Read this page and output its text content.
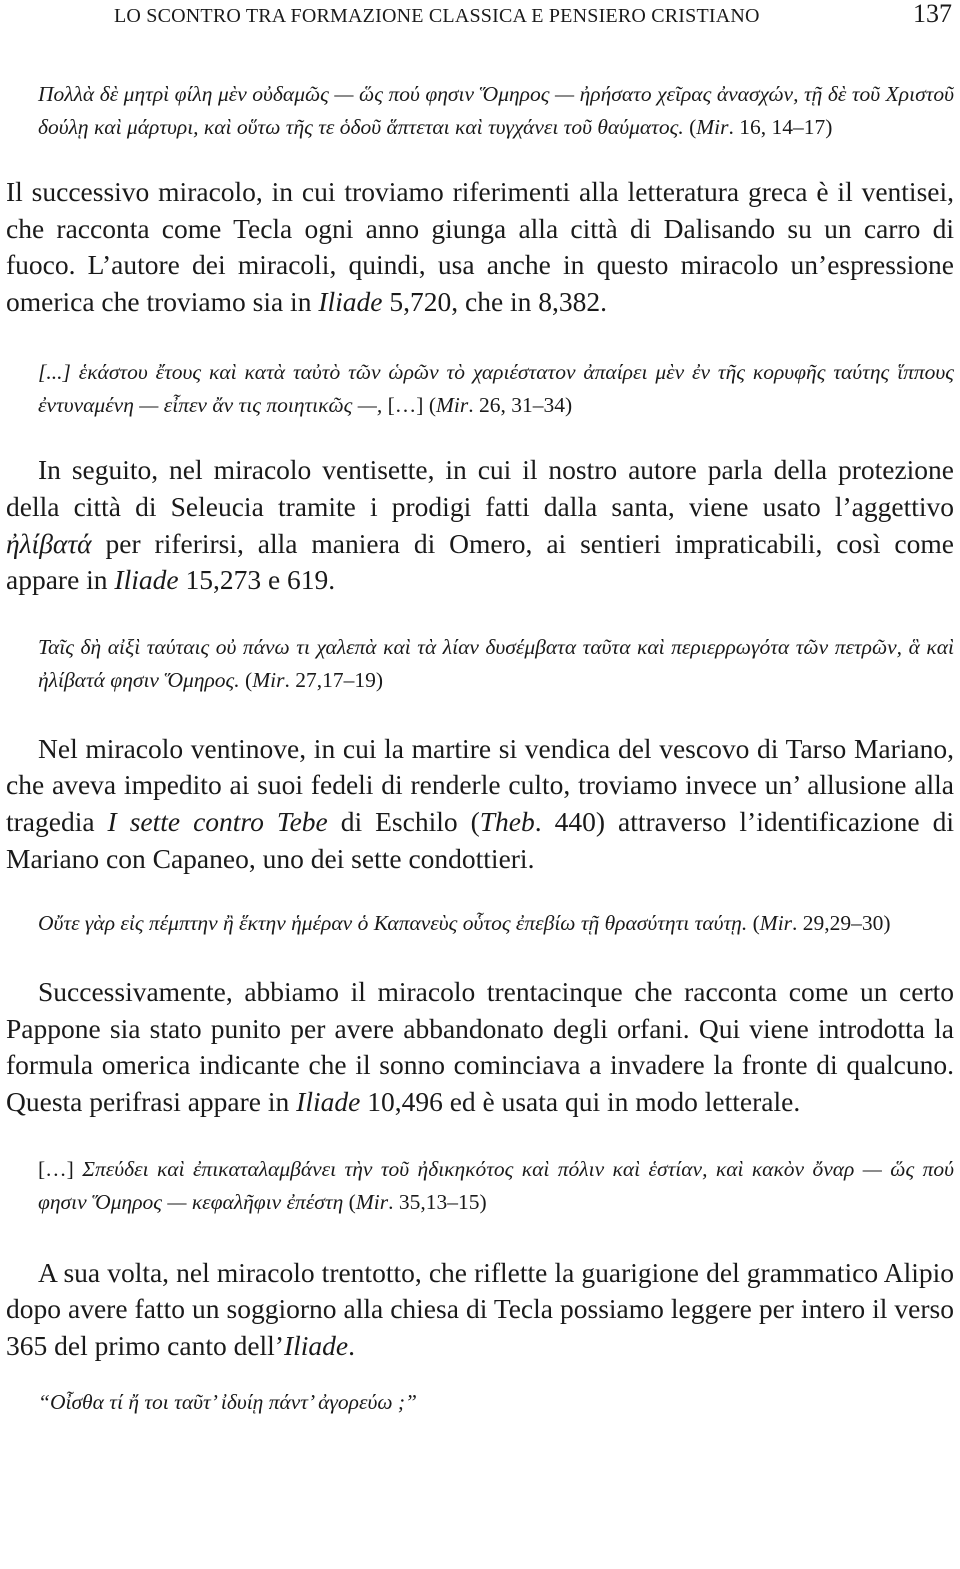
LO SCONTRO TRA FORMAZIONE CLASSICA E PENSIERO CRISTIANO	137

Πολλὰ δὲ μητρὶ φίλη μὲν οὐδαμῶς — ὥς πού φησιν Ὅμηρος — ἠρήσατο χεῖρας ἀνασχών, τῇ δὲ τοῦ Χριστοῦ δούλῃ καὶ μάρτυρι, καὶ οὕτω τῆς τε ὁδοῦ ἅπτεται καὶ τυγχάνει τοῦ θαύματος. (Mir. 16, 14–17)

Il successivo miracolo, in cui troviamo riferimenti alla letteratura greca è il ventisei, che racconta come Tecla ogni anno giunga alla città di Dalisando su un carro di fuoco. L’autore dei miracoli, quindi, usa anche in questo miracolo un’espressione omerica che troviamo sia in Iliade 5,720, che in 8,382.

[...] ἑκάστου ἔτους καὶ κατὰ ταὐτὸ τῶν ὡρῶν τὸ χαριέστατον ἀπαίρει μὲν ἐν τῆς κορυφῆς ταύτης ἵππους ἐντυναμένη — εἶπεν ἄν τις ποιητικῶς —, […] (Mir. 26, 31–34)

In seguito, nel miracolo ventisette, in cui il nostro autore parla della protezione della città di Seleucia tramite i prodigi fatti dalla santa, viene usato l’aggettivo ἠλίβατά per riferirsi, alla maniera di Omero, ai sentieri impraticabili, così come appare in Iliade 15,273 e 619.

Ταῖς δὴ αἰξὶ ταύταις οὐ πάνω τι χαλεπὰ καὶ τὰ λίαν δυσέμβατα ταῦτα καὶ περιερρωγότα τῶν πετρῶν, ἃ καὶ ἠλίβατά φησιν Ὅμηρος. (Mir. 27,17–19)

Nel miracolo ventinove, in cui la martire si vendica del vescovo di Tarso Mariano, che aveva impedito ai suoi fedeli di renderle culto, troviamo invece un’ allusione alla tragedia I sette contro Tebe di Eschilo (Theb. 440) attraverso l’identificazione di Mariano con Capaneo, uno dei sette condottieri.

Οὔτε γὰρ εἰς πέμπτην ἢ ἕκτην ἡμέραν ὁ Καπανεὺς οὗτος ἐπεβίω τῇ θρασύτητι ταύτῃ. (Mir. 29,29–30)

Successivamente, abbiamo il miracolo trentacinque che racconta come un certo Pappone sia stato punito per avere abbandonato degli orfani. Qui viene introdotta la formula omerica indicante che il sonno cominciava a invadere la fronte di qualcuno. Questa perifrasi appare in Iliade 10,496 ed è usata qui in modo letterale.

[…] Σπεύδει καὶ ἐπικαταλαμβάνει τὴν τοῦ ἠδικηκότος καὶ πόλιν καὶ ἑστίαν, καὶ κακὸν ὄναρ — ὥς πού φησιν Ὅμηρος — κεφαλῆφιν ἐπέστη (Mir. 35,13–15)

A sua volta, nel miracolo trentotto, che riflette la guarigione del grammatico Alipio dopo avere fatto un soggiorno alla chiesa di Tecla possiamo leggere per intero il verso 365 del primo canto dell’Iliade.

“Οἶσθα τί ἤ τοι ταῦτ’ ἰδυίῃ πάντ’ ἀγορεύω ;”
